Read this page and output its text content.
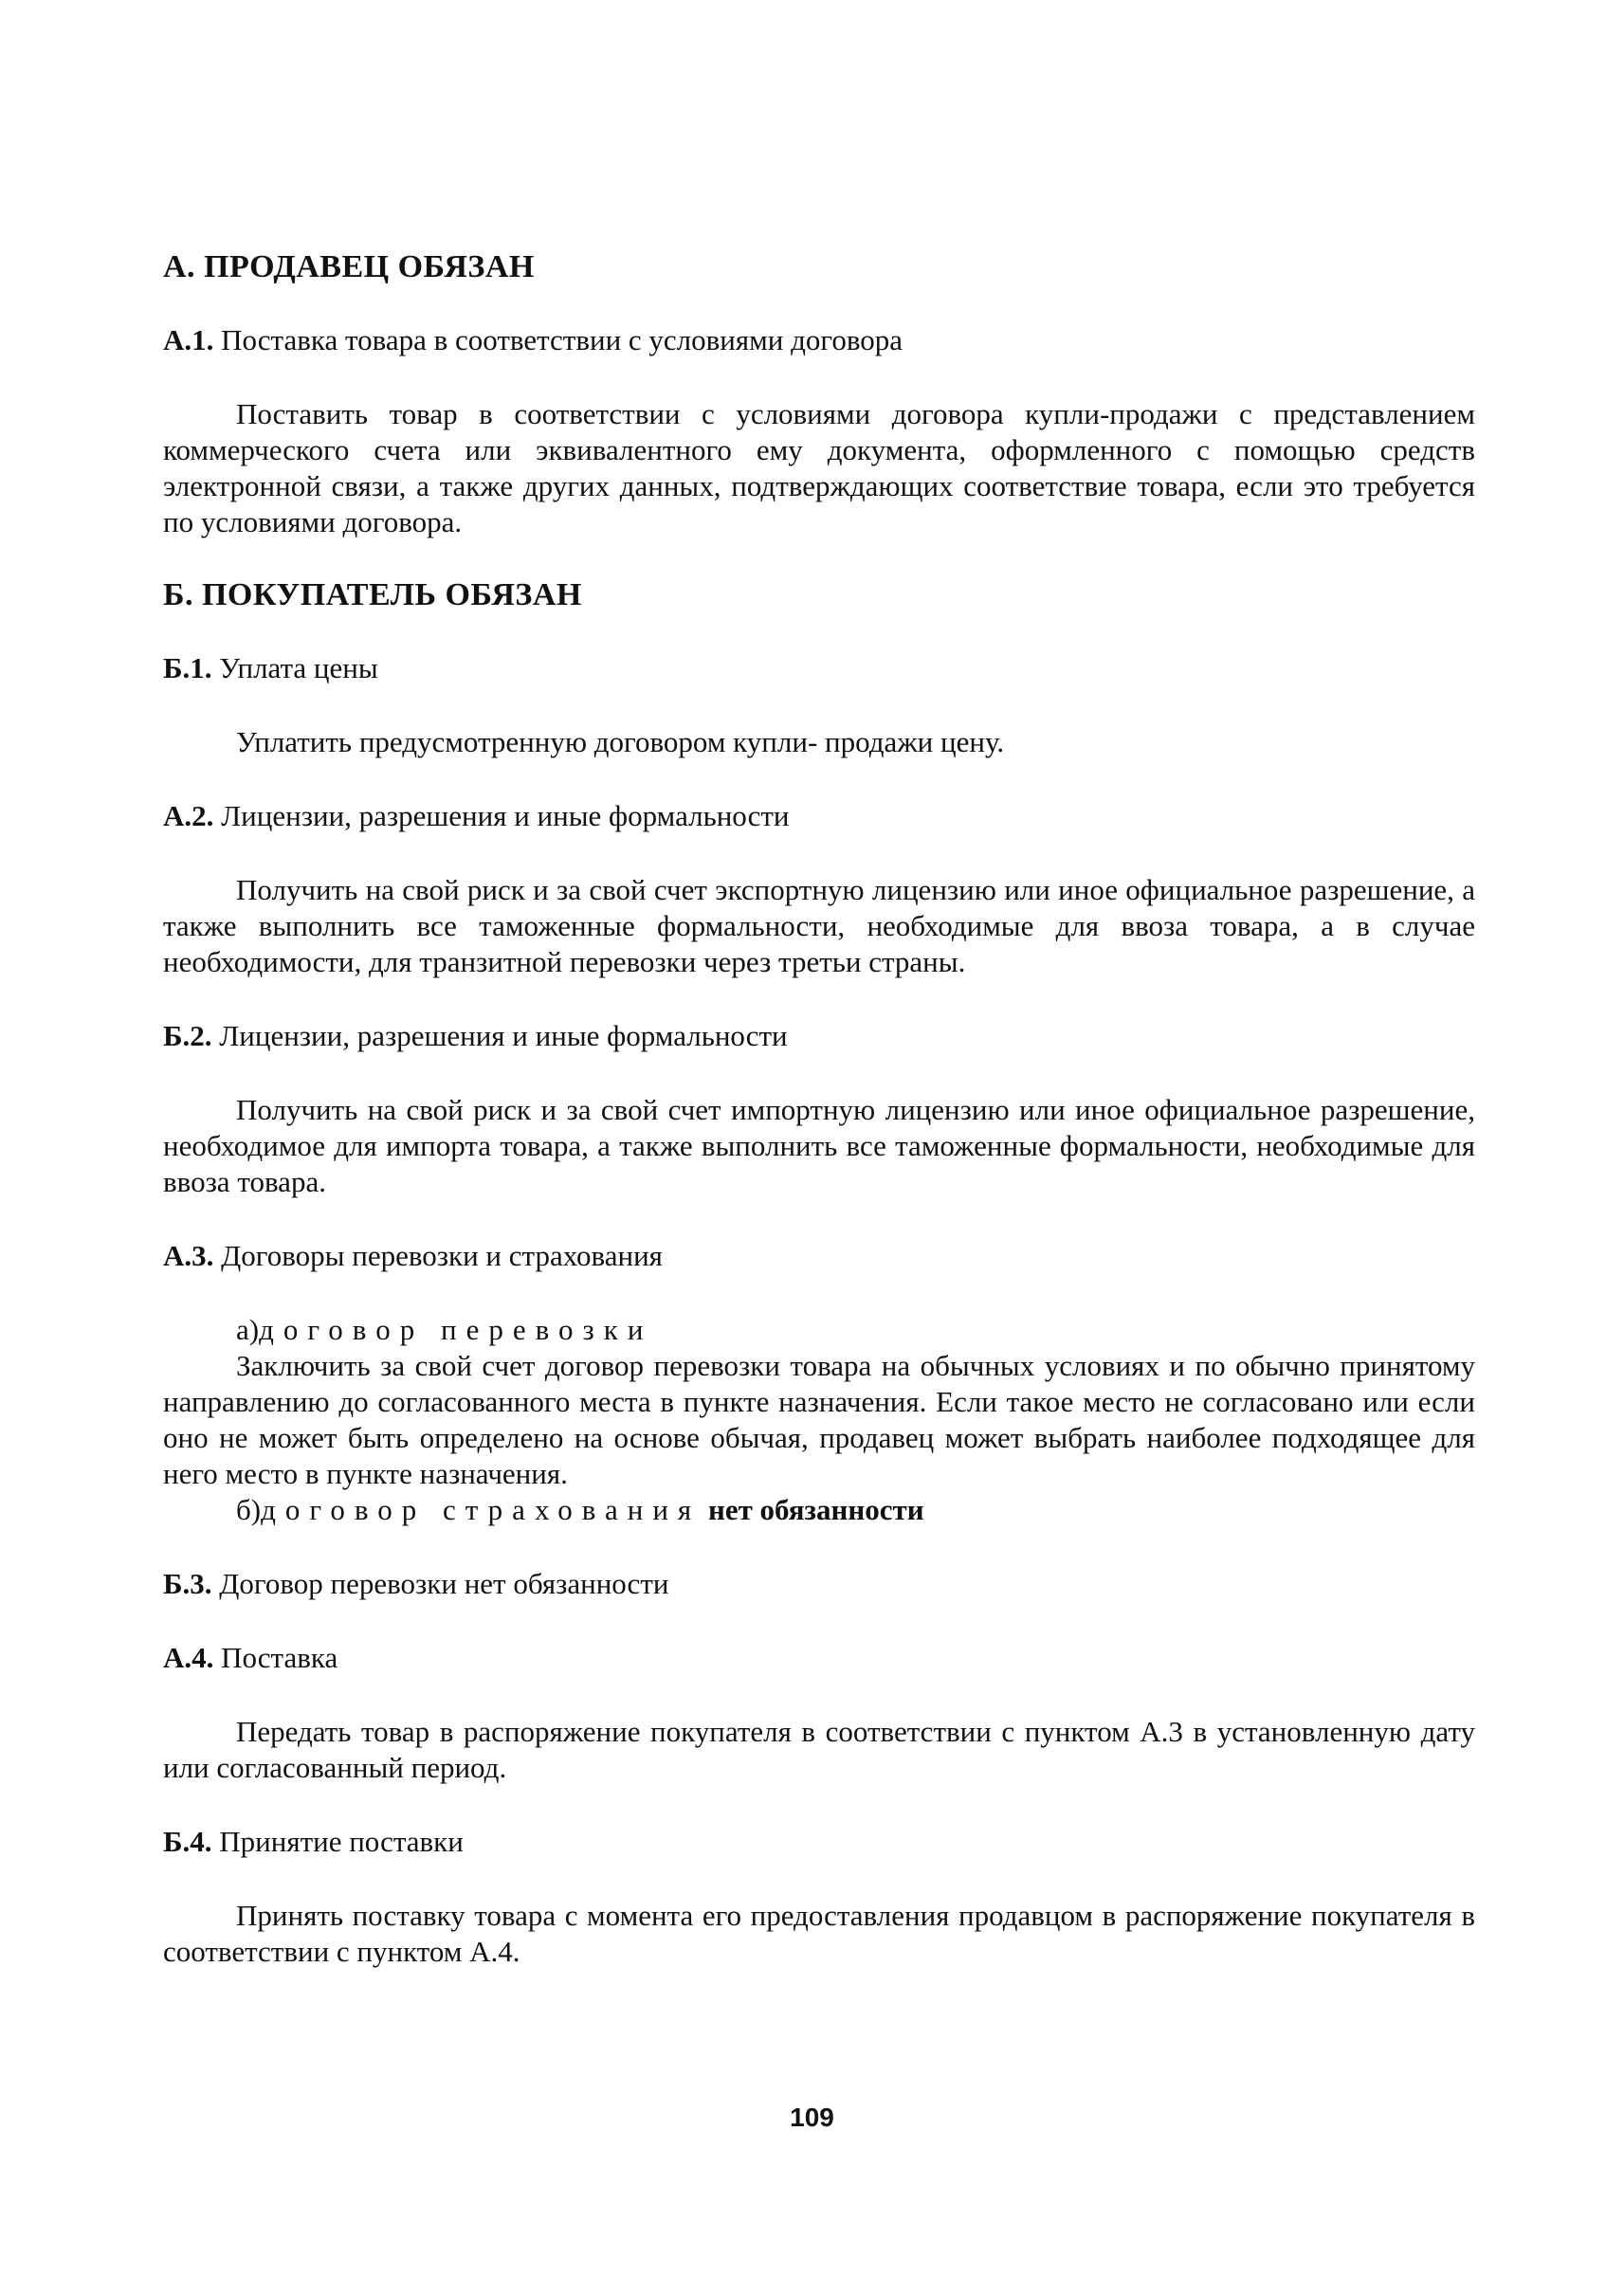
А. ПРОДАВЕЦ ОБЯЗАН

А.1. Поставка товара в соответствии с условиями договора

Поставить товар в соответствии с условиями договора купли-продажи с представлением коммерческого счета или эквивалентного ему документа, оформленного с помощью средств электронной связи, а также других данных, подтверждающих соответствие товара, если это требуется по условиями договора.

Б. ПОКУПАТЕЛЬ ОБЯЗАН

Б.1. Уплата цены

Уплатить предусмотренную договором купли- продажи цену.

А.2. Лицензии, разрешения и иные формальности

Получить на свой риск и за свой счет экспортную лицензию или иное официальное разрешение, а также выполнить все таможенные формальности, необходимые для ввоза товара, а в случае необходимости, для транзитной перевозки через третьи страны.

Б.2. Лицензии, разрешения и иные формальности

Получить на свой риск и за свой счет импортную лицензию или иное официальное разрешение, необходимое для импорта товара, а также выполнить все таможенные формальности, необходимые для ввоза товара.

А.3. Договоры перевозки и страхования

а)договор перевозки

Заключить за свой счет договор перевозки товара на обычных условиях и по обычно принятому направлению до согласованного места в пункте назначения. Если такое место не согласовано или если оно не может быть определено на основе обычая, продавец может выбрать наиболее подходящее для него место в пункте назначения.

б)договор страхования нет обязанности

Б.3. Договор перевозки нет обязанности

А.4. Поставка

Передать товар в распоряжение покупателя в соответствии с пунктом А.3 в установленную дату или согласованный период.

Б.4. Принятие поставки

Принять поставку товара с момента его предоставления продавцом в распоряжение покупателя в соответствии с пунктом А.4.

109
